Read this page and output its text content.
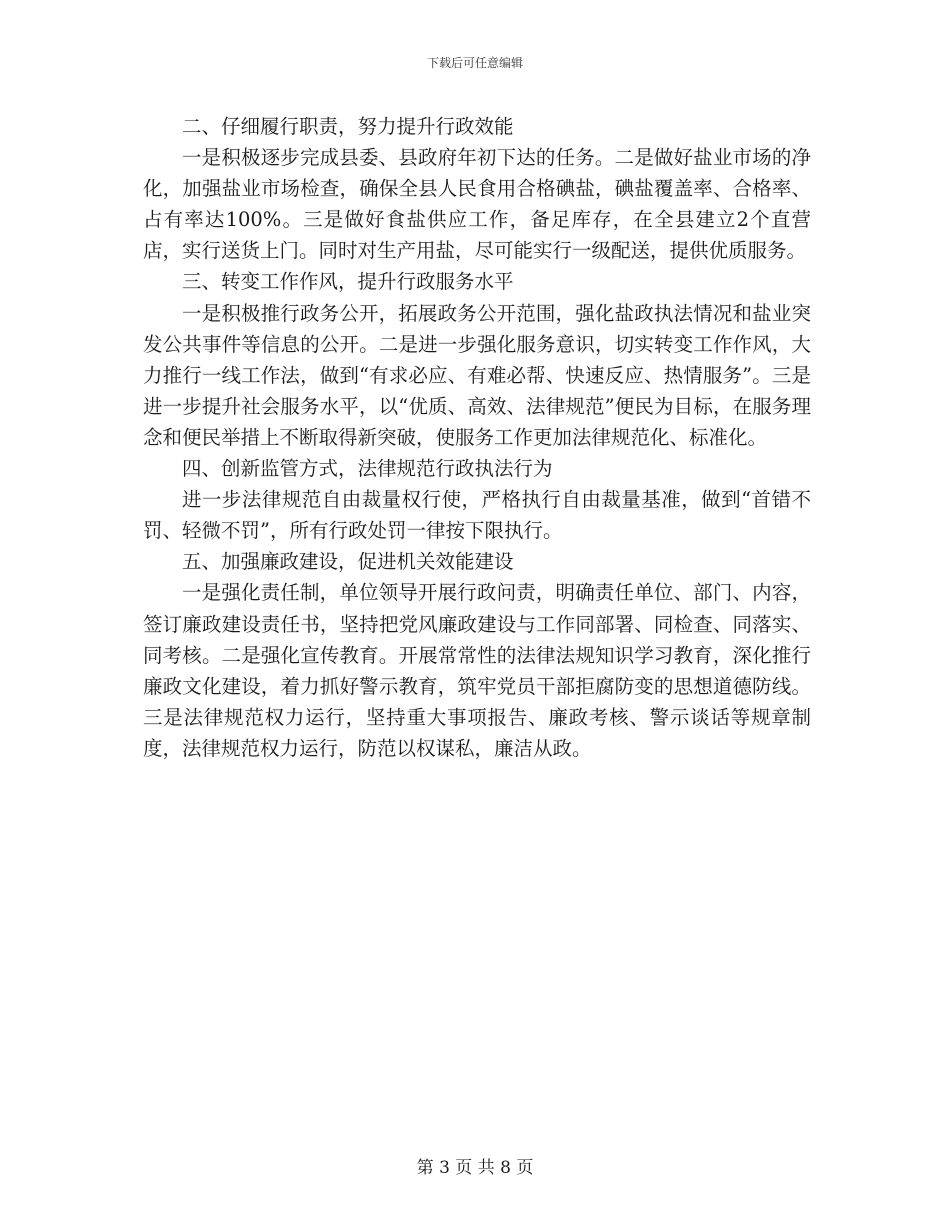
下载后可任意编辑

二、仔细履行职责，努力提升行政效能

一是积极逐步完成县委、县政府年初下达的任务。二是做好盐业市场的净化，加强盐业市场检查，确保全县人民食用合格碘盐，碘盐覆盖率、合格率、占有率达100%。三是做好食盐供应工作，备足库存，在全县建立2个直营店，实行送货上门。同时对生产用盐，尽可能实行一级配送，提供优质服务。

三、转变工作作风，提升行政服务水平

一是积极推行政务公开，拓展政务公开范围，强化盐政执法情况和盐业突发公共事件等信息的公开。二是进一步强化服务意识，切实转变工作作风，大力推行一线工作法，做到“有求必应、有难必帮、快速反应、热情服务”。三是进一步提升社会服务水平，以“优质、高效、法律规范”便民为目标，在服务理念和便民举措上不断取得新突破，使服务工作更加法律规范化、标准化。

四、创新监管方式，法律规范行政执法行为

进一步法律规范自由裁量权行使，严格执行自由裁量基准，做到“首错不罚、轻微不罚”，所有行政处罚一律按下限执行。

五、加强廉政建设，促进机关效能建设

一是强化责任制，单位领导开展行政问责，明确责任单位、部门、内容，签订廉政建设责任书，坚持把党风廉政建设与工作同部署、同检查、同落实、同考核。二是强化宣传教育。开展常常性的法律法规知识学习教育，深化推行廉政文化建设，着力抓好警示教育，筑牢党员干部拒腐防变的思想道德防线。三是法律规范权力运行，坚持重大事项报告、廉政考核、警示谈话等规章制度，法律规范权力运行，防范以权谋私，廉洁从政。

第 3 页 共 8 页
